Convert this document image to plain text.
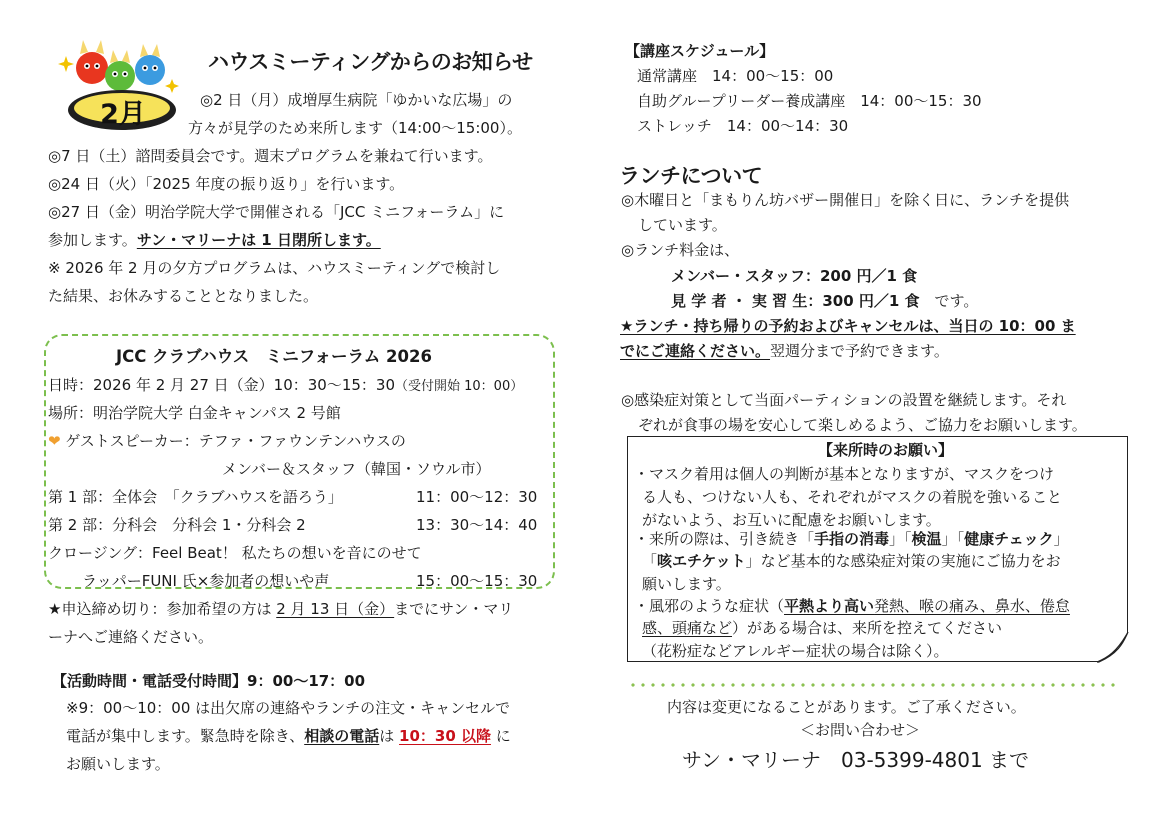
2月
ハウスミーティングからのお知らせ
◎2 日（月）成増厚生病院「ゆかいな広場」の
方々が見学のため来所します（14:00～15:00）。
◎7 日（土）諮問委員会です。週末プログラムを兼ねて行います。
◎24 日（火）「2025 年度の振り返り」を行います。
◎27 日（金）明治学院大学で開催される「JCC ミニフォーラム」に
参加します。サン・マリーナは 1 日閉所します。
※ 2026 年 2 月の夕方プログラムは、ハウスミーティングで検討し
た結果、お休みすることとなりました。
JCC クラブハウス　ミニフォーラム 2026
日時：2026 年 2 月 27 日（金）10：30～15：30（受付開始 10：00）
場所：明治学院大学 白金キャンパス 2 号館
❤ ゲストスピーカー：テファ・ファウンテンハウスの
メンバー＆スタッフ（韓国・ソウル市）
第 1 部：全体会　「クラブハウスを語ろう」	11：00～12：30
第 2 部：分科会　分科会 1・分科会 2	13：30～14：40
クロージング：Feel Beat！ 私たちの想いを音にのせて
ラッパーFUNI 氏×参加者の想いや声	15：00～15：30
★申込締め切り：参加希望の方は 2 月 13 日（金）までにサン・マリ
ーナへご連絡ください。
【活動時間・電話受付時間】9：00～17：00
※9：00～10：00 は出欠席の連絡やランチの注文・キャンセルで
電話が集中します。緊急時を除き、相談の電話は 10：30 以降 に
お願いします。
【講座スケジュール】
通常講座　14：00～15：00
自助グループリーダー養成講座　14：00～15：30
ストレッチ　14：00～14：30
ランチについて
◎木曜日と「まもりん坊バザー開催日」を除く日に、ランチを提供
しています。
◎ランチ料金は、
メンバー・スタッフ：200 円／1 食
見 学 者 ・ 実 習 生：300 円／1 食　 です。
★ランチ・持ち帰りの予約およびキャンセルは、当日の 10：00 ま
でにご連絡ください。翌週分まで予約できます。
◎感染症対策として当面パーティションの設置を継続します。それ
ぞれが食事の場を安心して楽しめるよう、ご協力をお願いします。
【来所時のお願い】
・マスク着用は個人の判断が基本となりますが、マスクをつけ
る人も、つけない人も、それぞれがマスクの着脱を強いること
がないよう、お互いに配慮をお願いします。
・来所の際は、引き続き「手指の消毒」「検温」「健康チェック」
「咳エチケット」など基本的な感染症対策の実施にご協力をお
願いします。
・風邪のような症状（平熱より高い発熱、喉の痛み、鼻水、倦怠
感、頭痛など）がある場合は、来所を控えてください
（花粉症などアレルギー症状の場合は除く）。
内容は変更になることがあります。ご了承ください。
＜お問い合わせ＞
サン・マリーナ　03-5399-4801 まで
